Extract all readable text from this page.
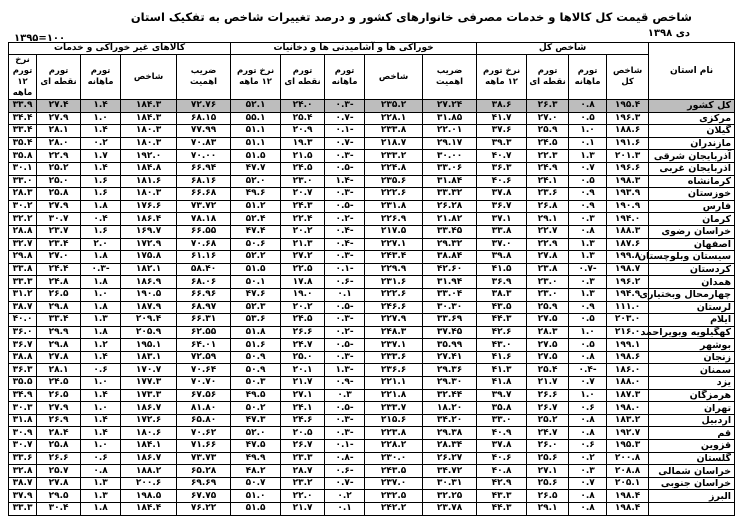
شاخص قیمت کل کالاها و خدمات مصرفی خانوارهای کشور و درصد تغییرات شاخص به تفکیک استان
دی ۱۳۹۸
۱۰۰=۱۳۹۵
نام استان	شاخص کل				خوراکی ها و آشامیدنی ها و دخانیات					کالاهای غیر خوراکی و خدمات				
	شاخص کل	تورم ماهانه	تورم نقطه ای	نرخ تورم ۱۲ ماهه	ضریب اهمیت	شاخص	تورم ماهانه	تورم نقطه ای	نرخ تورم ۱۲ ماهه	ضریب اهمیت	شاخص	تورم ماهانه	تورم نقطه ای	نرخ تورم ۱۲ ماهه
کل کشور	۱۹۵.۴	۰.۸	۲۶.۳	۳۸.۶	۲۷.۲۴	۲۳۵.۲	-۰.۳	۲۴.۰	۵۲.۱	۷۲.۷۶	۱۸۴.۳	۱.۴	۲۷.۴	۳۳.۹
مرکزی	۱۹۶.۳	۰.۵	۲۷.۰	۴۱.۷	۳۱.۸۵	۲۲۸.۱	-۰.۷	۲۵.۴	۵۵.۱	۶۸.۱۵	۱۸۴.۳	۱.۰	۲۷.۹	۳۴.۴
گیلان	۱۸۸.۶	۱.۰	۲۵.۹	۳۷.۶	۲۲.۰۱	۲۳۳.۸	-۰.۱	۲۰.۹	۵۱.۱	۷۷.۹۹	۱۸۰.۳	۱.۴	۲۸.۱	۳۳.۴
مازندران	۱۹۱.۶	۰.۱	۲۴.۵	۳۹.۳	۲۹.۱۷	۲۱۸.۷	-۰.۷	۱۹.۳	۵۱.۱	۷۰.۸۳	۱۸۰.۳	۰.۲	۲۸.۰	۳۵.۴
آذربایجان شرقی	۲۰۱.۳	۱.۳	۲۲.۳	۴۰.۷	۳۰.۰۰	۲۳۳.۲	-۰.۳	۲۱.۵	۵۱.۵	۷۰.۰۰	۱۹۲.۰	۱.۷	۲۲.۹	۳۵.۸
آذربایجان غربی	۱۹۶.۶	۰.۷	۲۴.۹	۳۶.۳	۳۳.۰۶	۲۲۴.۸	-۰.۵	۲۴.۵	۴۷.۷	۶۶.۹۴	۱۸۴.۸	۱.۴	۲۵.۲	۳۰.۱
کرمانشاه	۱۹۸.۳	۰.۵	۲۴.۱	۴۰.۶	۳۱.۸۴	۲۳۵.۶	-۱.۴	۲۳.۰	۵۲.۰	۶۸.۱۶	۱۸۱.۶	۱.۶	۲۵.۰	۳۳.۰
خوزستان	۱۹۳.۹	۰.۹	۲۳.۶	۳۷.۸	۳۳.۳۲	۲۲۲.۶	-۰.۳	۲۰.۷	۴۹.۶	۶۶.۶۸	۱۸۰.۳	۱.۶	۲۵.۸	۲۸.۳
فارس	۱۹۰.۹	۰.۹	۲۶.۸	۳۶.۷	۲۶.۲۸	۲۳۱.۸	-۰.۵	۲۴.۳	۵۱.۲	۷۳.۷۲	۱۷۶.۶	۱.۸	۲۷.۹	۳۰.۲
کرمان	۱۹۴.۰	۰.۳	۲۹.۱	۳۷.۱	۲۱.۸۲	۲۲۶.۹	-۰.۲	۲۲.۴	۵۲.۴	۷۸.۱۸	۱۸۶.۴	۰.۴	۳۰.۷	۳۲.۲
خراسان رضوی	۱۸۸.۳	۰.۸	۲۲.۷	۳۳.۸	۳۳.۴۵	۲۱۷.۵	-۰.۴	۲۰.۲	۴۷.۴	۶۶.۵۵	۱۶۹.۷	۱.۶	۲۳.۷	۲۸.۸
اصفهان	۱۸۷.۶	۱.۳	۲۲.۹	۳۷.۰	۲۹.۳۲	۲۲۷.۱	-۰.۴	۲۱.۳	۵۰.۶	۷۰.۶۸	۱۷۲.۹	۲.۰	۲۳.۴	۳۲.۷
سیستان وبلوچستان	۱۹۹.۸	۱.۳	۲۷.۸	۳۹.۸	۳۸.۸۴	۲۴۳.۴	-۰.۳	۲۷.۲	۵۲.۲	۶۱.۱۶	۱۷۵.۸	۱.۸	۲۷.۰	۲۹.۸
کردستان	۱۹۸.۷	-۰.۷	۲۳.۸	۴۱.۵	۴۲.۶۰	۲۲۹.۹	-۰.۱	۲۲.۵	۵۱.۵	۵۸.۴۰	۱۸۲.۱	-۰.۳	۲۴.۴	۳۳.۸
همدان	۱۹۶.۲	۰.۳	۲۳.۰	۳۶.۹	۳۱.۹۴	۲۳۱.۶	-۰.۶	۱۷.۸	۵۰.۱	۶۸.۰۶	۱۸۶.۹	۱.۸	۲۴.۸	۳۳.۳
چهارمحال وبختیاری	۱۹۴.۹	۱.۳	۲۳.۰	۳۸.۳	۳۳.۰۴	۲۲۲.۶	۰.۱	۱۹.۰	۴۷.۶	۶۶.۹۶	۱۹۰.۵	۱.۰	۲۶.۵	۳۱.۲
لرستان	۱۱۱.۰	۰.۹	۲۵.۹	۴۳.۵	۳۰.۳۰	۲۴۶.۶	-۰.۵	۲۰.۲	۵۲.۳	۶۸.۹۷	۱۸۷.۹	۱.۸	۲۹.۸	۳۸.۷
ایلام	۲۰۳.۰	۰.۵	۲۷.۵	۴۴.۳	۳۳.۶۹	۲۲۷.۹	-۰.۳	۲۴.۵	۵۳.۶	۶۶.۳۱	۲۰۹.۴	۱.۳	۳۳.۴	۴۰.۰
کهگیلویه وبویراحمد	۲۱۶.۰	۱.۰	۲۸.۳	۴۲.۶	۳۷.۴۵	۲۴۸.۳	-۰.۲	۲۶.۶	۵۱.۸	۶۲.۵۵	۲۰۵.۹	۱.۸	۲۹.۹	۳۶.۰
بوشهر	۱۹۹.۱	۰.۵	۲۷.۵	۴۳.۰	۳۵.۹۹	۲۳۷.۱	-۰.۵	۲۴.۷	۵۱.۶	۶۴.۰۱	۱۹۵.۱	۱.۲	۲۹.۸	۳۶.۷
زنجان	۱۹۸.۶	۰.۸	۲۷.۵	۴۱.۶	۲۷.۴۱	۲۳۳.۶	-۰.۳	۲۵.۰	۵۰.۹	۷۲.۵۹	۱۸۳.۱	۱.۴	۲۷.۸	۳۸.۸
سمنان	۱۸۶.۰	-۰.۴	۲۵.۴	۴۱.۳	۲۹.۳۶	۲۳۶.۶	-۱.۳	۲۰.۱	۵۰.۹	۷۰.۶۴	۱۷۰.۷	۰.۶	۲۸.۱	۳۶.۳
یزد	۱۸۸.۰	۰.۷	۲۱.۷	۴۱.۸	۲۹.۳۰	۲۲۱.۱	-۰.۹	۲۱.۷	۵۰.۳	۷۰.۷۰	۱۷۷.۳	۱.۰	۲۴.۵	۳۵.۵
هرمزگان	۱۸۷.۳	۱.۰	۲۶.۶	۳۹.۷	۳۲.۴۴	۲۲۱.۸	۰.۳	۲۷.۱	۴۹.۵	۶۷.۵۶	۱۷۳.۳	۱.۴	۲۶.۵	۳۴.۹
تهران	۱۹۸.۰	۰.۶	۲۶.۷	۳۵.۸	۱۸.۲۰	۲۳۳.۷	-۰.۵	۲۴.۱	۵۰.۲	۸۱.۸۰	۱۸۶.۷	۱.۰	۲۷.۹	۳۰.۳
اردبیل	۱۸۳.۲	۰.۸	۲۵.۲	۳۳.۰	۳۴.۲۰	۲۱۵.۶	-۰.۳	۲۴.۶	۴۷.۳	۶۵.۸۰	۱۷۲.۶	۱.۴	۲۶.۹	۳۱.۸
قم	۱۹۲.۷	۰.۸	۲۴.۷	۴۰.۹	۲۹.۳۸	۲۲۳.۸	-۰.۳	۲۰.۵	۵۲.۰	۷۰.۶۲	۱۸۰.۶	۱.۴	۲۸.۴	۳۰.۹
قزوین	۱۹۵.۳	۰.۶	۲۶.۰	۳۷.۸	۲۸.۳۴	۲۲۸.۲	-۰.۱	۲۶.۷	۴۷.۵	۷۱.۶۶	۱۸۴.۱	۱.۰	۲۵.۸	۳۰.۷
گلستان	۲۰۰.۸	۰.۲	۲۵.۶	۴۰.۶	۲۶.۲۷	۲۳۰.۰	-۰.۸	۲۳.۳	۴۹.۹	۷۳.۷۳	۱۸۶.۷	۰.۶	۲۶.۶	۳۳.۶
خراسان شمالی	۲۰۸.۸	۰.۳	۲۷.۱	۴۰.۸	۳۴.۷۲	۲۴۳.۵	-۰.۶	۲۸.۷	۴۸.۲	۶۵.۲۸	۱۸۸.۲	۰.۸	۲۵.۷	۳۲.۸
خراسان جنوبی	۲۰۵.۱	۰.۷	۲۵.۶	۴۲.۹	۳۰.۳۱	۲۳۷.۰	-۰.۷	۲۳.۲	۵۰.۷	۶۹.۶۹	۲۰۰.۶	۱.۳	۲۷.۸	۳۸.۷
البرز	۱۹۸.۴	۰.۸	۲۶.۵	۴۳.۳	۳۲.۲۵	۲۳۲.۵	۰.۲	۲۲.۰	۵۱.۰	۶۷.۷۵	۱۹۸.۵	۱.۳	۲۹.۵	۳۷.۹
	۱۹۸.۴	۰.۸	۲۹.۱	۴۴.۳	۲۳.۷۸	۲۴۲.۲	۰.۱	۲۱.۷	۵۱.۵	۷۶.۲۲	۱۸۴.۴	۱.۸	۳۰.۴	۳۳.۳
